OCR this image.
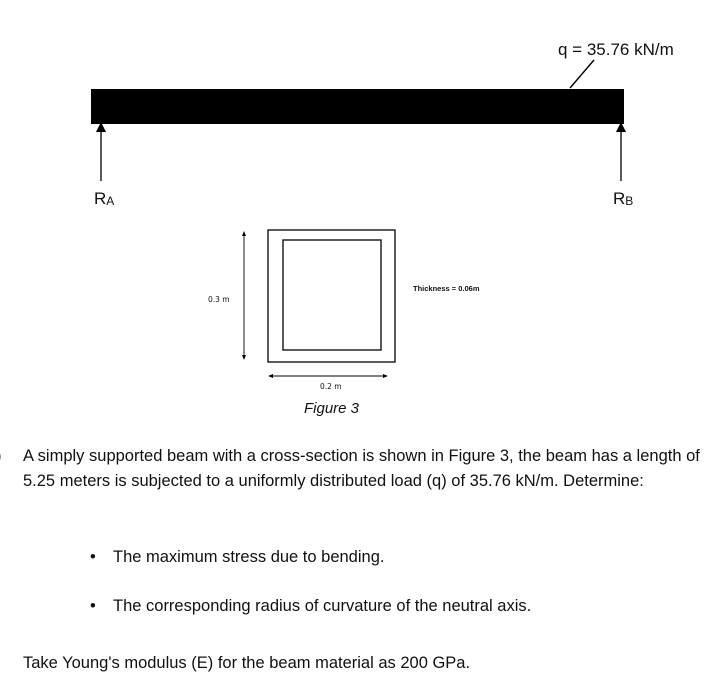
q = 35.76 kN/m
$R_A$	$R_B$
0.3 m
0.2 m
Thickness = 0.06m
Figure 3
A simply supported beam with a cross-section is shown in Figure 3, the beam has a length of 5.25 meters is subjected to a uniformly distributed load (q) of 35.76 kN/m. Determine:
• The maximum stress due to bending.
• The corresponding radius of curvature of the neutral axis.
Take Young's modulus (E) for the beam material as 200 GPa.
